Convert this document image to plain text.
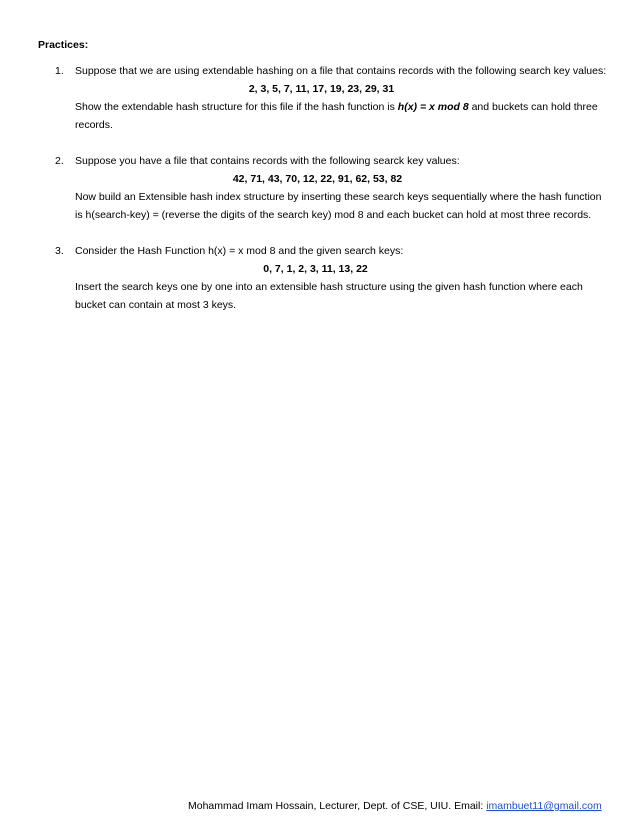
Practices:
1. Suppose that we are using extendable hashing on a file that contains records with the following search key values:
2, 3, 5, 7, 11, 17, 19, 23, 29, 31
Show the extendable hash structure for this file if the hash function is h(x) = x mod 8 and buckets can hold three records.
2. Suppose you have a file that contains records with the following searck key values:
42, 71, 43, 70, 12, 22, 91, 62, 53, 82
Now build an Extensible hash index structure by inserting these search keys sequentially where the hash function is h(search-key) = (reverse the digits of the search key) mod 8 and each bucket can hold at most three records.
3. Consider the Hash Function h(x) = x mod 8 and the given search keys:
0, 7, 1, 2, 3, 11, 13, 22
Insert the search keys one by one into an extensible hash structure using the given hash function where each bucket can contain at most 3 keys.
Mohammad Imam Hossain, Lecturer, Dept. of CSE, UIU. Email: imambuet11@gmail.com
